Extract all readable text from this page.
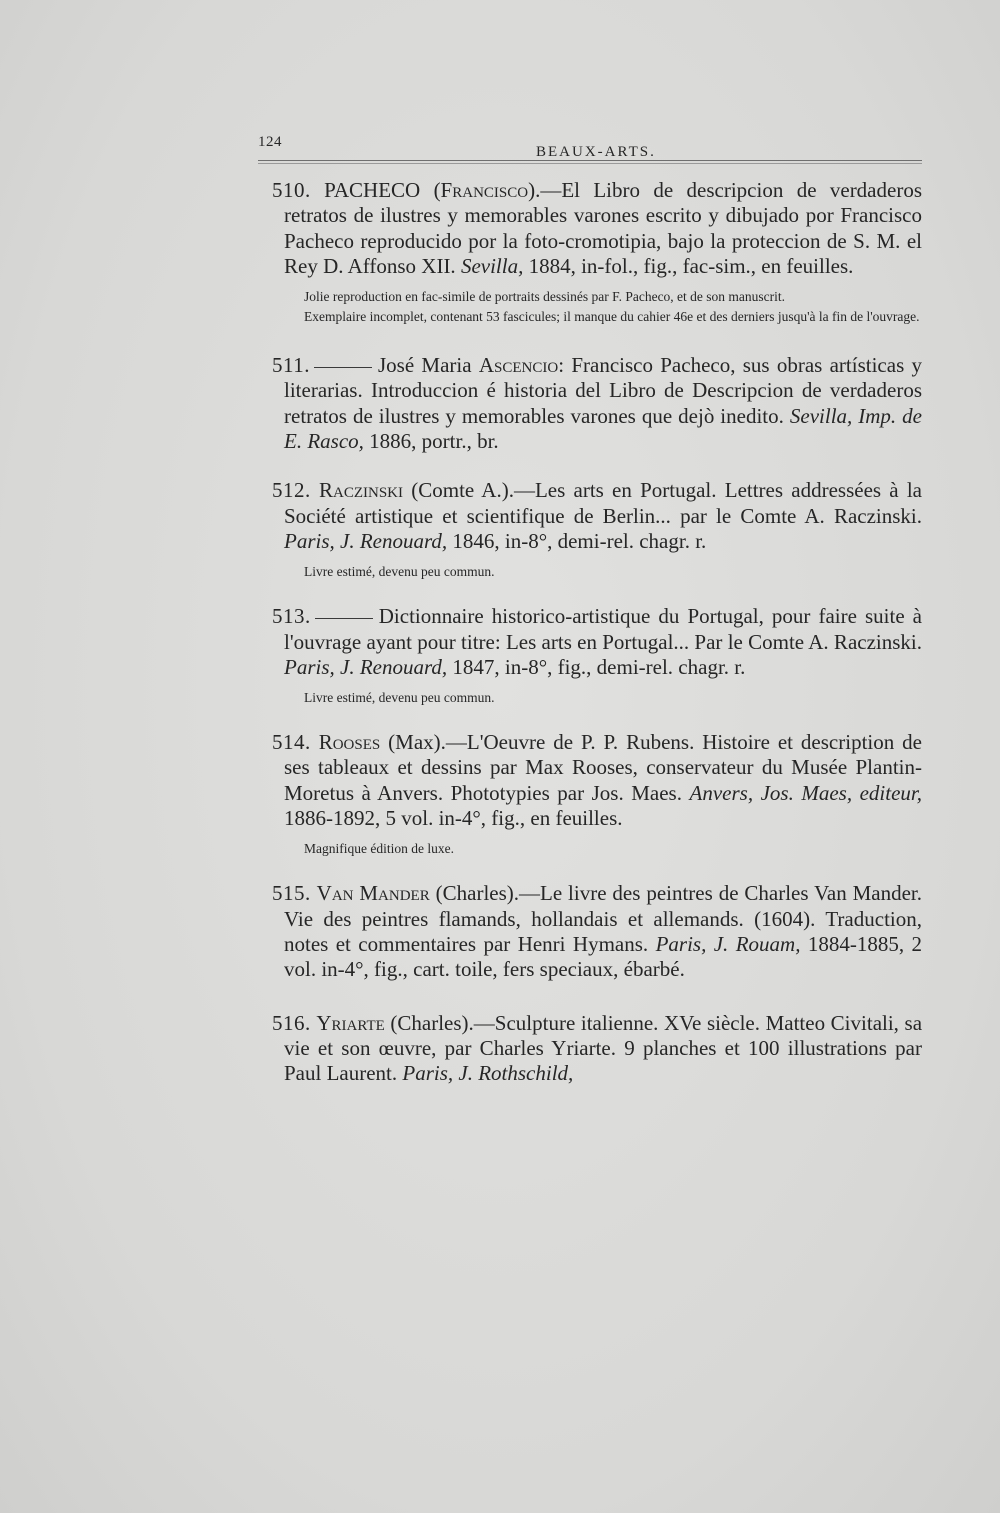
124
BEAUX-ARTS.

510. PACHECO (Francisco).—El Libro de descripcion de verdaderos retratos de ilustres y memorables varones escrito y dibujado por Francisco Pacheco reproducido por la foto-cromotipia, bajo la proteccion de S. M. el Rey D. Affonso XII. Sevilla, 1884, in-fol., fig., fac-sim., en feuilles.

Jolie reproduction en fac-simile de portraits dessinés par F. Pacheco, et de son manuscrit.

Exemplaire incomplet, contenant 53 fascicules; il manque du cahier 46e et des derniers jusqu'à la fin de l'ouvrage.

511.	José Maria Ascencio: Francisco Pacheco, sus obras artísticas y literarias. Introduccion é historia del Libro de Descripcion de verdaderos retratos de ilustres y memorables varones que dejò inedito. Sevilla, Imp. de E. Rasco, 1886, portr., br.

512. Raczinski (Comte A.).—Les arts en Portugal. Lettres addressées à la Société artistique et scientifique de Berlin... par le Comte A. Raczinski. Paris, J. Renouard, 1846, in-8°, demi-rel. chagr. r.

Livre estimé, devenu peu commun.

513.	Dictionnaire historico-artistique du Portugal, pour faire suite à l'ouvrage ayant pour titre: Les arts en Portugal... Par le Comte A. Raczinski. Paris, J. Renouard, 1847, in-8°, fig., demi-rel. chagr. r.

Livre estimé, devenu peu commun.

514. Rooses (Max).—L'Oeuvre de P. P. Rubens. Histoire et description de ses tableaux et dessins par Max Rooses, conservateur du Musée Plantin-Moretus à Anvers. Phototypies par Jos. Maes. Anvers, Jos. Maes, editeur, 1886-1892, 5 vol. in-4°, fig., en feuilles.

Magnifique édition de luxe.

515. Van Mander (Charles).—Le livre des peintres de Charles Van Mander. Vie des peintres flamands, hollandais et allemands. (1604). Traduction, notes et commentaires par Henri Hymans. Paris, J. Rouam, 1884-1885, 2 vol. in-4°, fig., cart. toile, fers speciaux, ébarbé.

516. Yriarte (Charles).—Sculpture italienne. XVe siècle. Matteo Civitali, sa vie et son œuvre, par Charles Yriarte. 9 planches et 100 illustrations par Paul Laurent. Paris, J. Rothschild,
